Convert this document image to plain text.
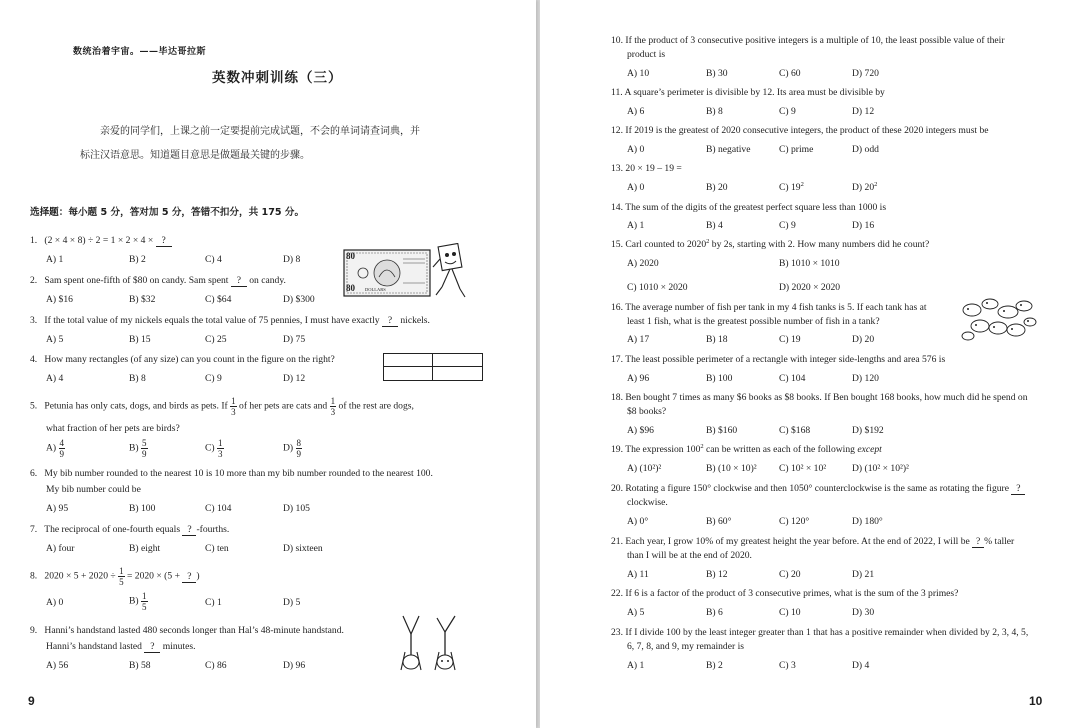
数统治着宇宙。——毕达哥拉斯
英数冲刺训练（三）
亲爱的同学们，上课之前一定要提前完成试题，不会的单词请查词典，并
标注汉语意思。知道题目意思是做题最关键的步骤。
选择题：每小题 5 分，答对加 5 分，答错不扣分，共 175 分。
1. (2 × 4 × 8) ÷ 2 = 1 × 2 × 4 × ?
A) 1	B) 2	C) 4	D) 8	80
80 DOLLARS
2. Sam spent one-fifth of $80 on candy. Sam spent ? on candy.
A) $16	B) $32	C) $64	D) $300
3. If the total value of my nickels equals the total value of 75 pennies, I must have exactly ? nickels.
A) 5	B) 15	C) 25	D) 75
4. How many rectangles (of any size) can you count in the figure on the right?
A) 4	B) 8	C) 9	D) 12
5. Petunia has only cats, dogs, and birds as pets. If $\frac{1}{3}$ of her pets are cats and $\frac{1}{3}$ of the rest are dogs,
what fraction of her pets are birds?
$A) \frac{4}{9}$	$B) \frac{5}{9}$	$C) \frac{1}{3}$	$D) \frac{8}{9}$
6. My bib number rounded to the nearest 10 is 10 more than my bib number rounded to the nearest 100.
My bib number could be
A) 95	B) 100	C) 104	D) 105
7. The reciprocal of one-fourth equals ? -fourths.
A) four	B) eight	C) ten	D) sixteen
8. $2020 \times 5 + 2020 \div \frac{1}{5} = 2020 \times (5$ + ? )
A) 0	$B) \frac{1}{5}$	C) 1	D) 5
9. Hanni’s handstand lasted 480 seconds longer than Hal’s 48-minute handstand.
Hanni’s handstand lasted ? minutes.
A) 56	B) 58	C) 86	D) 96
9
10. If the product of 3 consecutive positive integers is a multiple of 10, the least possible value of their
product is
A) 10	B) 30	C) 60	D) 720
11. A square’s perimeter is divisible by 12. Its area must be divisible by
A) 6	B) 8	C) 9	D) 12
12. If 2019 is the greatest of 2020 consecutive integers, the product of these 2020 integers must be
A) 0	B) negative	C) prime	D) odd
13. 20 × 19 – 19 =
A) 0	B) 20	C) $19^2$	D) $20^2$
14. The sum of the digits of the greatest perfect square less than 1000 is
A) 1	B) 4	C) 9	D) 16
15. Carl counted to 2020$^2$ by 2s, starting with 2. How many numbers did he count?
A) 2020	B) 1010 × 1010
C) 1010 × 2020	D) 2020 × 2020
16. The average number of fish per tank in my 4 fish tanks is 5. If each tank has at
least 1 fish, what is the greatest possible number of fish in a tank?
A) 17	B) 18	C) 19	D) 20
17. The least possible perimeter of a rectangle with integer side-lengths and area 576 is
A) 96	B) 100	C) 104	D) 120
18. Ben bought 7 times as many $6 books as $8 books. If Ben bought 168 books, how much did he spend on
$8 books?
A) $96	B) $160	C) $168	D) $192
19. The expression $100^2$ can be written as each of the following except
A) (10²)²	B) (10 × 10)² C) 10² × 10²	D) (10² × 10²)²
20. Rotating a figure 150° clockwise and then 1050° counterclockwise is the same as rotating the figure ?
clockwise.
A) 0°	B) 60°	C) 120°	D) 180°
21. Each year, I grow 10% of my greatest height the year before. At the end of 2022, I will be ? % taller
than I will be at the end of 2020.
A) 11	B) 12	C) 20	D) 21
22. If 6 is a factor of the product of 3 consecutive primes, what is the sum of the 3 primes?
A) 5	B) 6	C) 10	D) 30
23. If I divide 100 by the least integer greater than 1 that has a positive remainder when divided by 2, 3, 4, 5,
6, 7, 8, and 9, my remainder is
A) 1	B) 2	C) 3	D) 4
10
